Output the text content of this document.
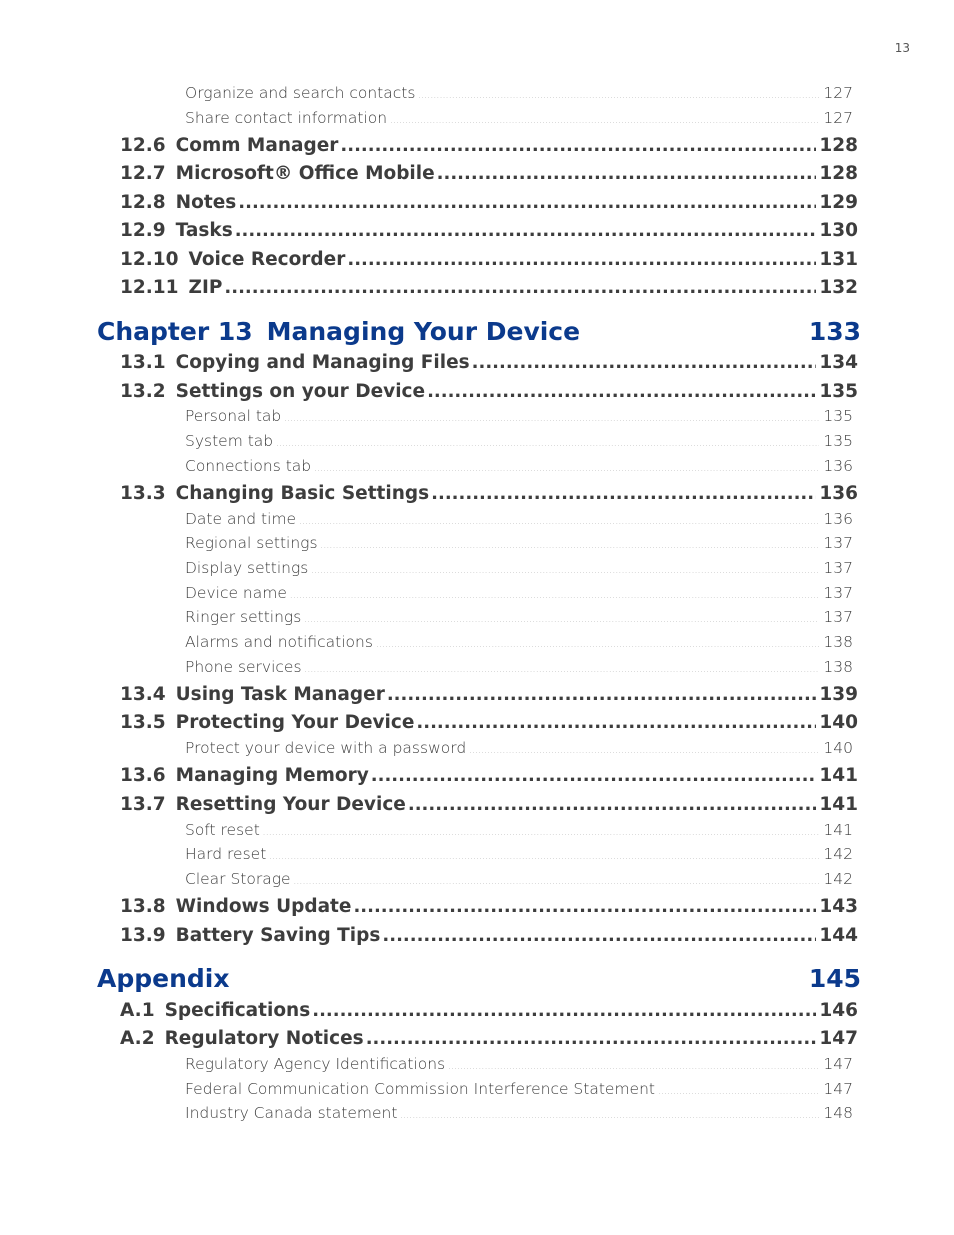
13
Organize and search contacts .....	127
Share contact information .....	127
12.6 Comm Manager .....	128
12.7 Microsoft® Office Mobile .....	128
12.8 Notes .....	129
12.9 Tasks .....	130
12.10 Voice Recorder .....	131
12.11 ZIP .....	132
Chapter 13 Managing Your Device	133
13.1 Copying and Managing Files .....	134
13.2 Settings on your Device .....	135
Personal tab .....	135
System tab .....	135
Connections tab .....	136
13.3 Changing Basic Settings .....	136
Date and time .....	136
Regional settings .....	137
Display settings .....	137
Device name .....	137
Ringer settings .....	137
Alarms and notifications .....	138
Phone services .....	138
13.4 Using Task Manager .....	139
13.5 Protecting Your Device .....	140
Protect your device with a password .....	140
13.6 Managing Memory .....	141
13.7 Resetting Your Device .....	141
Soft reset .....	141
Hard reset .....	142
Clear Storage .....	142
13.8 Windows Update .....	143
13.9 Battery Saving Tips .....	144
Appendix	145
A.1 Specifications .....	146
A.2 Regulatory Notices .....	147
Regulatory Agency Identifications .....	147
Federal Communication Commission Interference Statement .....	147
Industry Canada statement .....	148
